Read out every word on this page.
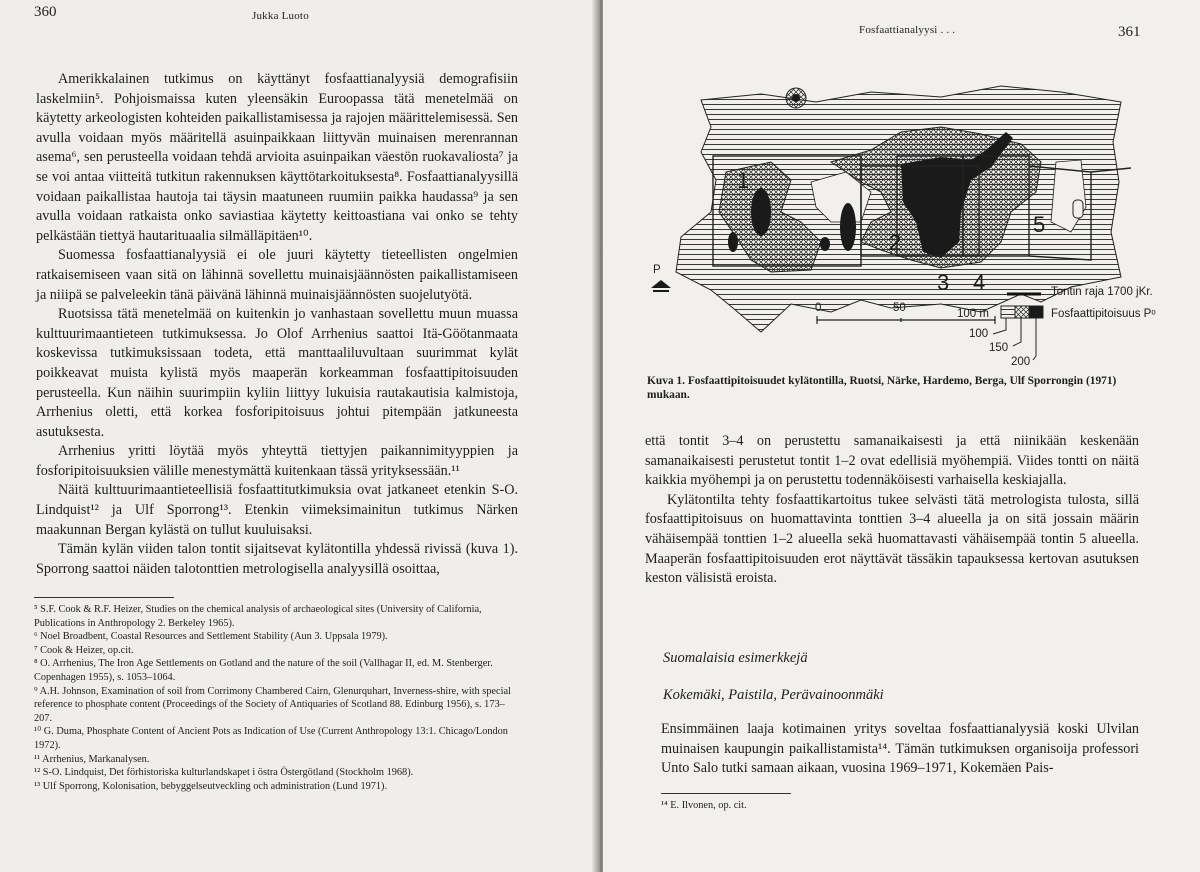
360	Jukka Luoto

Amerikkalainen tutkimus on käyttänyt fosfaattianalyysiä demografisiin laskelmiin⁵. Pohjoismaissa kuten yleensäkin Euroopassa tätä menetelmää on käytetty arkeologisten kohteiden paikallistamisessa ja rajojen määrittelemisessä. Sen avulla voidaan myös määritellä asuinpaikkaan liittyvän muinaisen merenrannan asema⁶, sen perusteella voidaan tehdä arvioita asuinpaikan väestön ruokavaliosta⁷ ja se voi antaa viitteitä tutkitun rakennuksen käyttötarkoituksesta⁸. Fosfaattianalyysillä voidaan paikallistaa hautoja tai täysin maatuneen ruumiin paikka haudassa⁹ ja sen avulla voidaan ratkaista onko saviastiaa käytetty keittoastiana vai onko se tehty pelkästään tiettyä hautarituaalia silmälläpitäen¹⁰.

Suomessa fosfaattianalyysiä ei ole juuri käytetty tieteellisten ongelmien ratkaisemiseen vaan sitä on lähinnä sovellettu muinaisjäännösten paikallistamiseen ja niiipä se palveleekin tänä päivänä lähinnä muinaisjäännösten suojelutyötä.

Ruotsissa tätä menetelmää on kuitenkin jo vanhastaan sovellettu muun muassa kulttuurimaantieteen tutkimuksessa. Jo Olof Arrhenius saattoi Itä-Göötanmaata koskevissa tutkimuksissaan todeta, että manttaaliluvultaan suurimmat kylät poikkeavat muista kylistä myös maaperän korkeamman fosfaattipitoisuuden perusteella. Kun näihin suurimpiin kyliin liittyy lukuisia rautakautisia kalmistoja, Arrhenius oletti, että korkea fosforipitoisuus johtui pitempään jatkuneesta asutuksesta.

Arrhenius yritti löytää myös yhteyttä tiettyjen paikannimityyppien ja fosforipitoisuuksien välille menestymättä kuitenkaan tässä yrityksessään.¹¹

Näitä kulttuurimaantieteellisiä fosfaattitutkimuksia ovat jatkaneet etenkin S-O. Lindquist¹² ja Ulf Sporrong¹³. Etenkin viimeksimainitun tutkimus Närken maakunnan Bergan kylästä on tullut kuuluisaksi.

Tämän kylän viiden talon tontit sijaitsevat kylätontilla yhdessä rivissä (kuva 1). Sporrong saattoi näiden talotonttien metrologisella analyysillä osoittaa,

⁵ S.F. Cook & R.F. Heizer, Studies on the chemical analysis of archaeological sites (University of California, Publications in Anthropology 2. Berkeley 1965).
⁶ Noel Broadbent, Coastal Resources and Settlement Stability (Aun 3. Uppsala 1979).
⁷ Cook & Heizer, op.cit.
⁸ O. Arrhenius, The Iron Age Settlements on Gotland and the nature of the soil (Vallhagar II, ed. M. Stenberger. Copenhagen 1955), s. 1053–1064.
⁹ A.H. Johnson, Examination of soil from Corrimony Chambered Cairn, Glenurquhart, Inverness-shire, with special reference to phosphate content (Proceedings of the Society of Antiquaries of Scotland 88. Edinburg 1956), s. 173–207.
¹⁰ G. Duma, Phosphate Content of Ancient Pots as Indication of Use (Current Anthropology 13:1. Chicago/London 1972).
¹¹ Arrhenius, Markanalysen.
¹² S-O. Lindquist, Det förhistoriska kulturlandskapet i östra Östergötland (Stockholm 1968).
¹³ Ulf Sporrong, Kolonisation, bebyggelseutveckling och administration (Lund 1971).
Fosfaattianalyysi . . .	361
1
2
3 4
5
P
0	50	100 m
Tontin raja 1700 jKr.
Fosfaattipitoisuus Pᵒ
100
150
200
Kuva 1. Fosfaattipitoisuudet kylätontilla, Ruotsi, Närke, Hardemo, Berga, Ulf Sporrongin (1971) mukaan.

että tontit 3–4 on perustettu samanaikaisesti ja että niinikään keskenään samanaikaisesti perustetut tontit 1–2 ovat edellisiä myöhempiä. Viides tontti on näitä kaikkia myöhempi ja on perustettu todennäköisesti varhaisella keskiajalla.

Kylätontilta tehty fosfaattikartoitus tukee selvästi tätä metrologista tulosta, sillä fosfaattipitoisuus on huomattavinta tonttien 3–4 alueella ja on sitä jossain määrin vähäisempää tonttien 1–2 alueella sekä huomattavasti vähäisempää tontin 5 alueella. Maaperän fosfaattipitoisuuden erot näyttävät tässäkin tapauksessa kertovan asutuksen keston välisistä eroista.

Suomalaisia esimerkkejä
Kokemäki, Paistila, Perävainoonmäki

Ensimmäinen laaja kotimainen yritys soveltaa fosfaattianalyysiä koski Ulvilan muinaisen kaupungin paikallistamista¹⁴. Tämän tutkimuksen organisoija professori Unto Salo tutki samaan aikaan, vuosina 1969–1971, Kokemäen Pais-

¹⁴ E. Ilvonen, op. cit.
